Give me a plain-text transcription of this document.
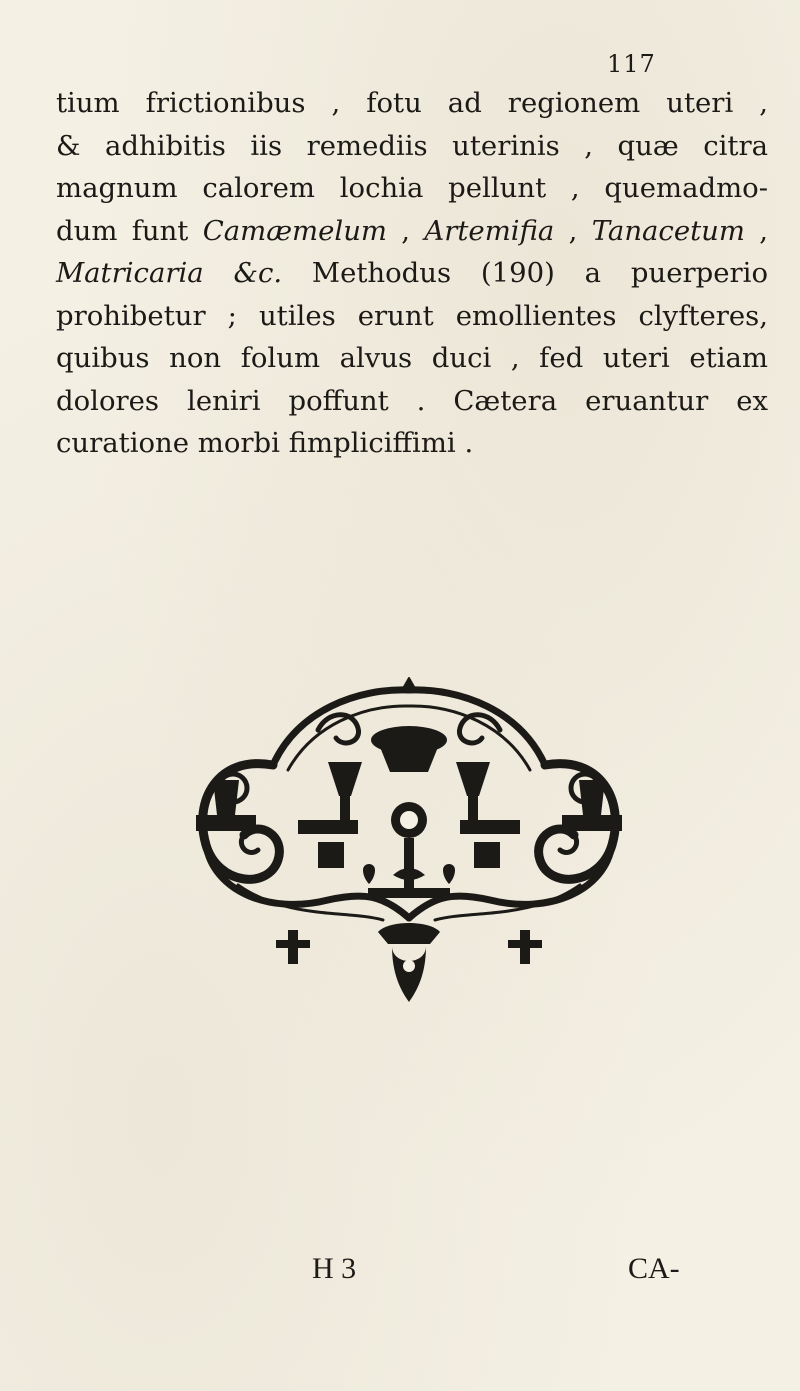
117
tium frictionibus , fotu ad regionem uteri ,
& adhibitis iis remediis uterinis , quæ citra
magnum calorem lochia pellunt , quemadmo-
dum funt Camæmelum , Artemifia , Tanacetum ,
Matricaria &c. Methodus (190) a puerperio
prohibetur ; utiles erunt emollientes clyfteres,
quibus non folum alvus duci , fed uteri etiam
dolores leniri poffunt . Cætera eruantur ex
curatione morbi fimpliciffimi .
H 3	CA-
